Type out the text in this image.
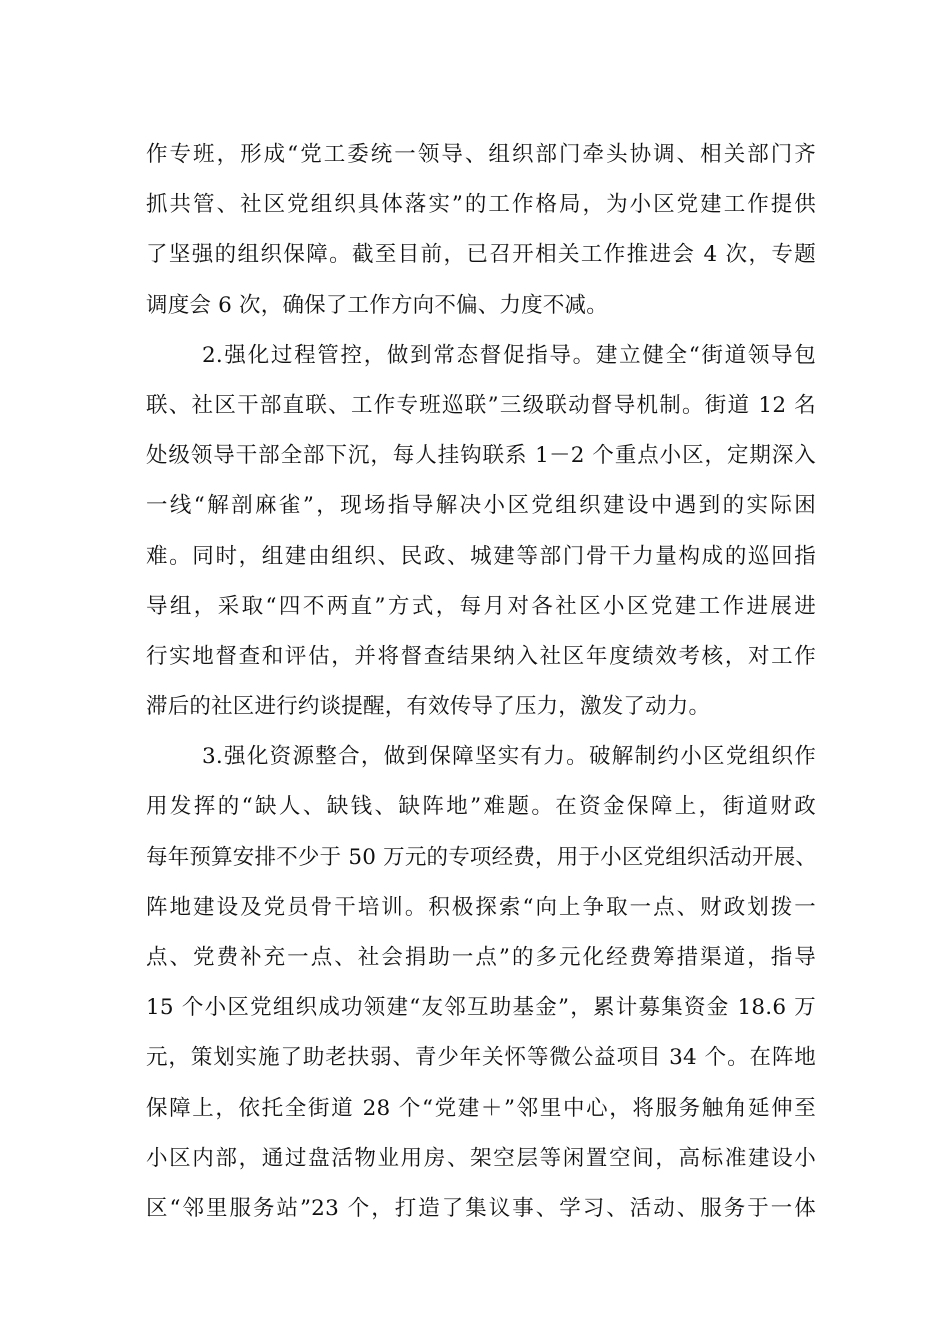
作专班，形成“党工委统一领导、组织部门牵头协调、相关部门齐
抓共管、社区党组织具体落实”的工作格局，为小区党建工作提供
了坚强的组织保障。截至目前，已召开相关工作推进会 4 次，专题
调度会 6 次，确保了工作方向不偏、力度不减。
2.强化过程管控，做到常态督促指导。建立健全“街道领导包
联、社区干部直联、工作专班巡联”三级联动督导机制。街道 12 名
处级领导干部全部下沉，每人挂钩联系 1－2 个重点小区，定期深入
一线“解剖麻雀”，现场指导解决小区党组织建设中遇到的实际困
难。同时，组建由组织、民政、城建等部门骨干力量构成的巡回指
导组，采取“四不两直”方式，每月对各社区小区党建工作进展进
行实地督查和评估，并将督查结果纳入社区年度绩效考核，对工作
滞后的社区进行约谈提醒，有效传导了压力，激发了动力。
3.强化资源整合，做到保障坚实有力。破解制约小区党组织作
用发挥的“缺人、缺钱、缺阵地”难题。在资金保障上，街道财政
每年预算安排不少于 50 万元的专项经费，用于小区党组织活动开展、
阵地建设及党员骨干培训。积极探索“向上争取一点、财政划拨一
点、党费补充一点、社会捐助一点”的多元化经费筹措渠道，指导
15 个小区党组织成功领建“友邻互助基金”，累计募集资金 18.6 万
元，策划实施了助老扶弱、青少年关怀等微公益项目 34 个。在阵地
保障上，依托全街道 28 个“党建＋”邻里中心，将服务触角延伸至
小区内部，通过盘活物业用房、架空层等闲置空间，高标准建设小
区“邻里服务站”23 个，打造了集议事、学习、活动、服务于一体
